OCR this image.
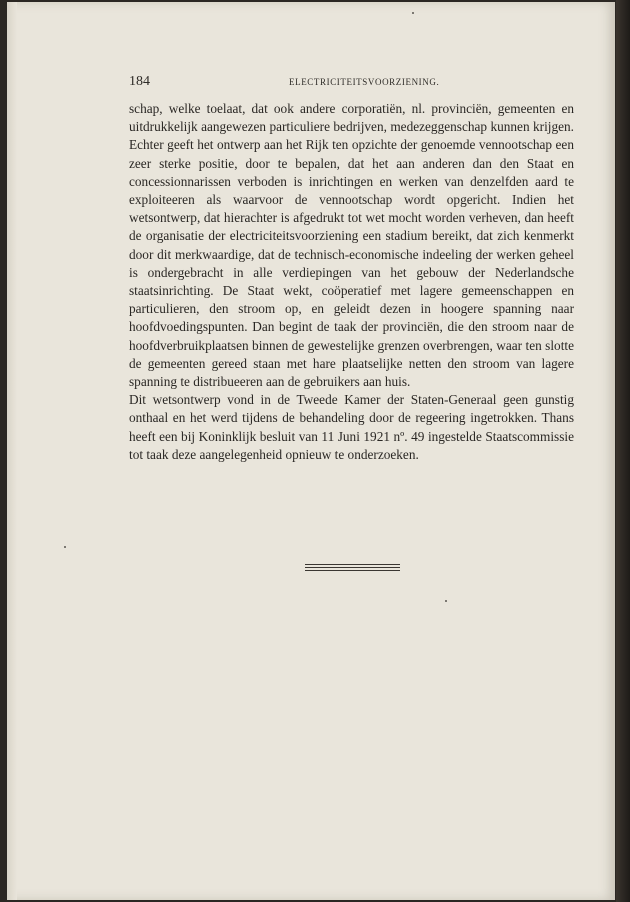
184	ELECTRICITEITSVOORZIENING.

schap, welke toelaat, dat ook andere corporatiën, nl. provinciën, gemeenten en uitdrukkelijk aangewezen particuliere bedrijven, medezeggenschap kunnen krijgen. Echter geeft het ontwerp aan het Rijk ten opzichte der genoemde vennootschap een zeer sterke positie, door te bepalen, dat het aan anderen dan den Staat en concessionnarissen verboden is inrichtingen en werken van denzelfden aard te exploiteeren als waarvoor de vennootschap wordt opgericht. Indien het wetsontwerp, dat hierachter is afgedrukt tot wet mocht worden verheven, dan heeft de organisatie der electriciteitsvoorziening een stadium bereikt, dat zich kenmerkt door dit merkwaardige, dat de technisch-economische indeeling der werken geheel is ondergebracht in alle verdiepingen van het gebouw der Nederlandsche staatsinrichting. De Staat wekt, coöperatief met lagere gemeenschappen en particulieren, den stroom op, en geleidt dezen in hoogere spanning naar hoofdvoedingspunten. Dan begint de taak der provinciën, die den stroom naar de hoofdverbruikplaatsen binnen de gewestelijke grenzen overbrengen, waar ten slotte de gemeenten gereed staan met hare plaatselijke netten den stroom van lagere spanning te distribueeren aan de gebruikers aan huis.

Dit wetsontwerp vond in de Tweede Kamer der Staten-Generaal geen gunstig onthaal en het werd tijdens de behandeling door de regeering ingetrokken. Thans heeft een bij Koninklijk besluit van 11 Juni 1921 nº. 49 ingestelde Staatscommissie tot taak deze aangelegenheid opnieuw te onderzoeken.
